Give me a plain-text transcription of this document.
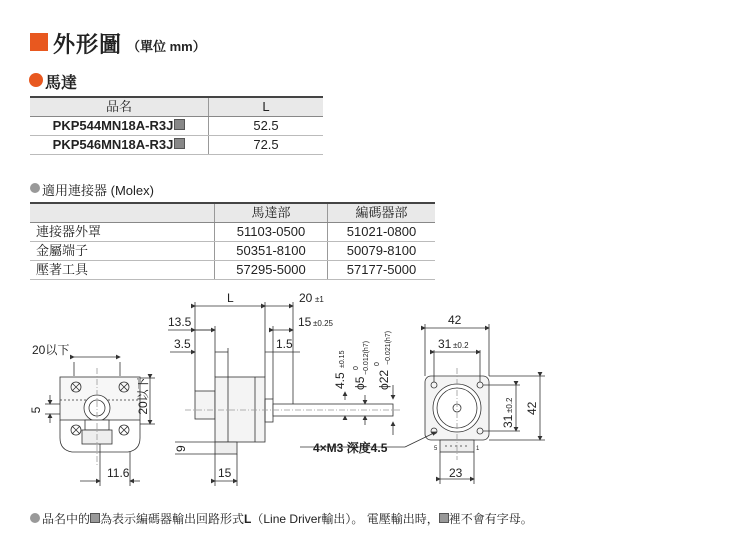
外形圖 （單位 mm）
馬達
品名	L
PKP544MN18A-R3J	52.5
PKP546MN18A-R3J	72.5
適用連接器 (Molex)
	馬達部	編碼器部
連接器外罩	51103-0500	51021-0800
金屬端子	50351-8100	50079-8100
壓著工具	57295-5000	57177-5000
20以下
20以下
5
11.6
L	20 ±1
13.5	15 ±0.25
3.5	1.5
4.5
±0.15
ϕ5
0 −0.012(h7)
ϕ22
0 −0.021(h7)
9
15
4×M3 深度4.5
42
31 ±0.2
31
±0.2 42
23
5	1
品名中的 為表示編碼器輸出回路形式L（Line Driver輸出）。 電壓輸出時， 裡不會有字母。
